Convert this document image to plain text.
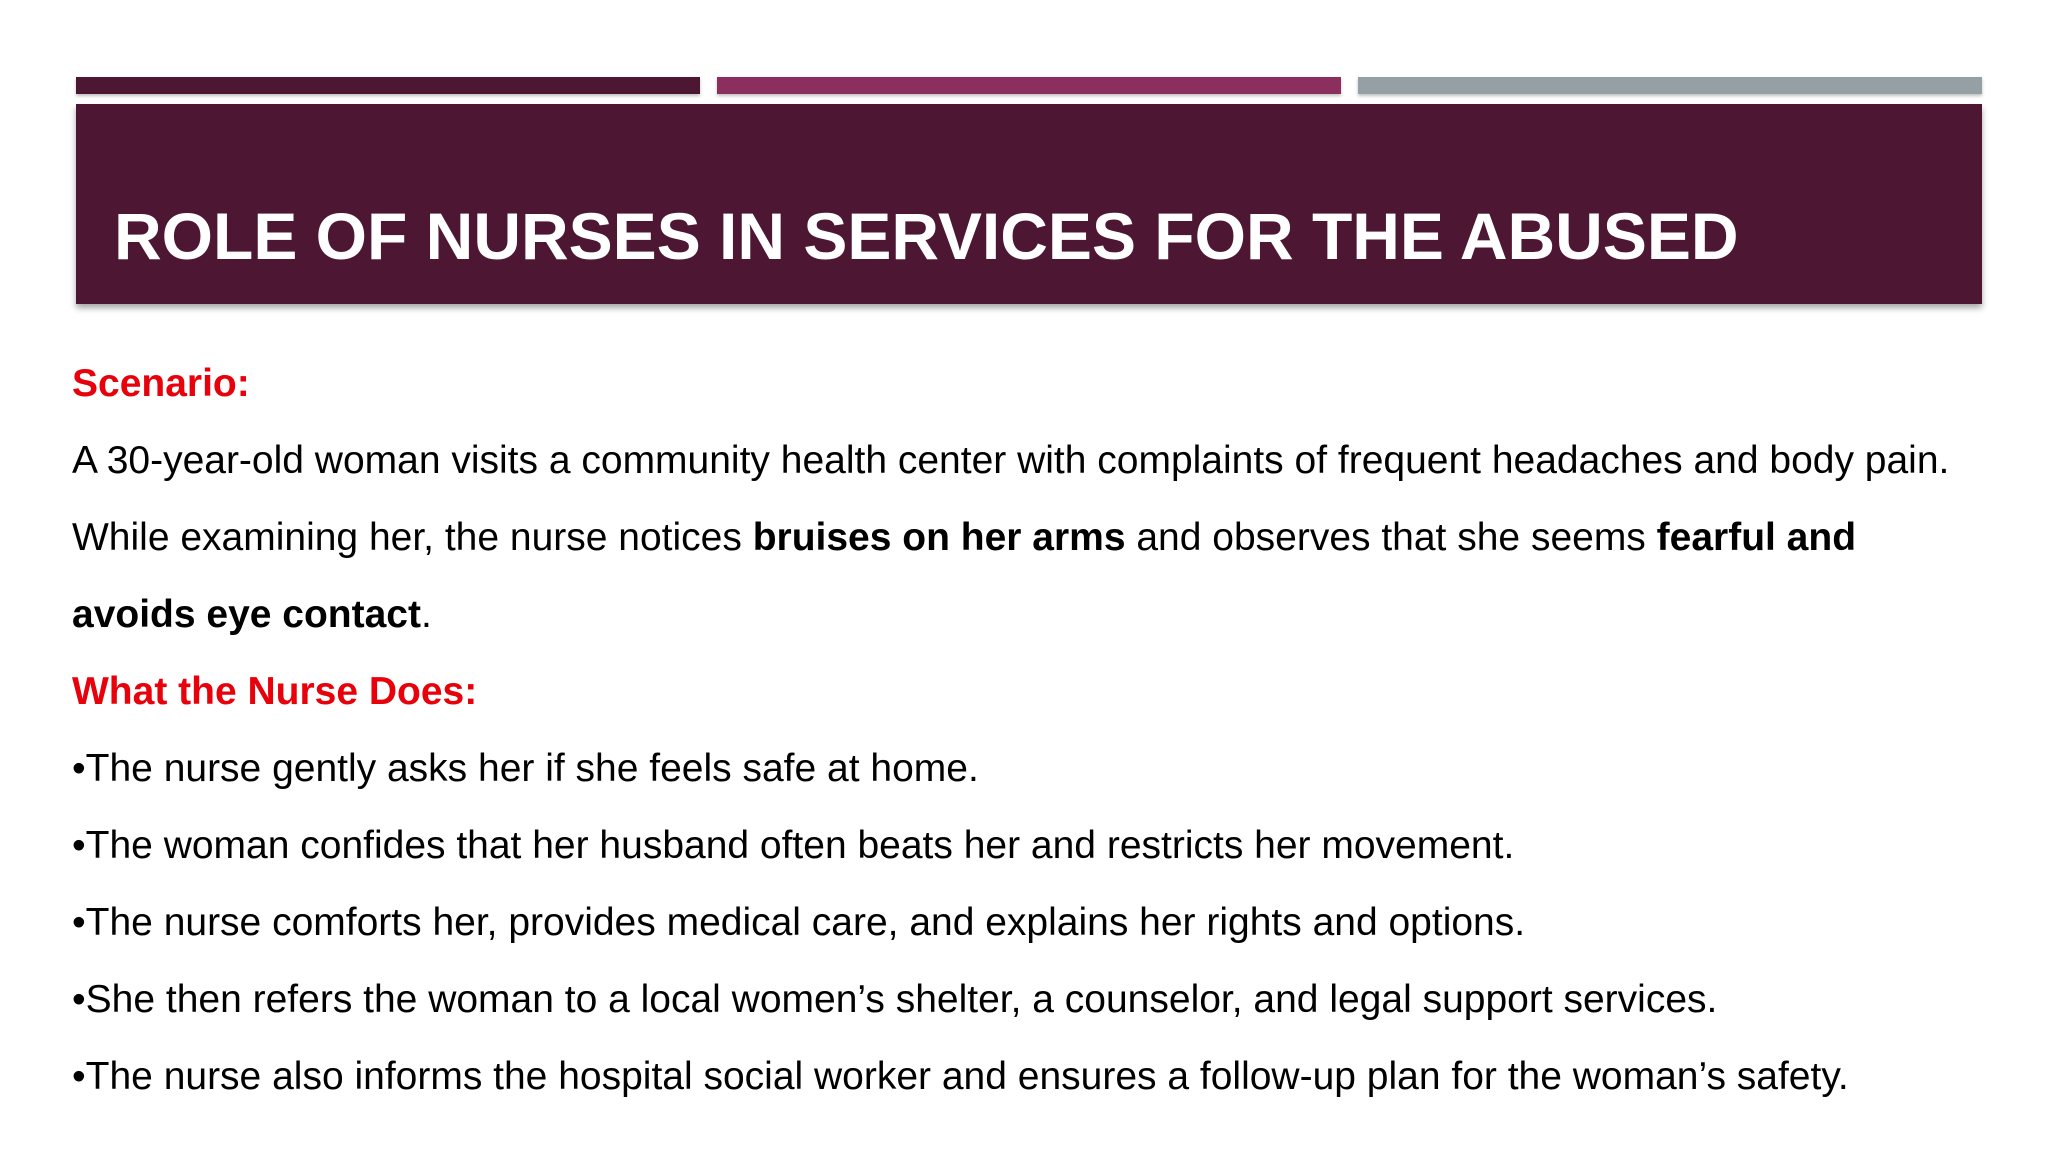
ROLE OF NURSES IN SERVICES FOR THE ABUSED
Scenario:
A 30-year-old woman visits a community health center with complaints of frequent headaches and body pain.
While examining her, the nurse notices bruises on her arms and observes that she seems fearful and
avoids eye contact.
What the Nurse Does:
•The nurse gently asks her if she feels safe at home.
•The woman confides that her husband often beats her and restricts her movement.
•The nurse comforts her, provides medical care, and explains her rights and options.
•She then refers the woman to a local women’s shelter, a counselor, and legal support services.
•The nurse also informs the hospital social worker and ensures a follow-up plan for the woman’s safety.
